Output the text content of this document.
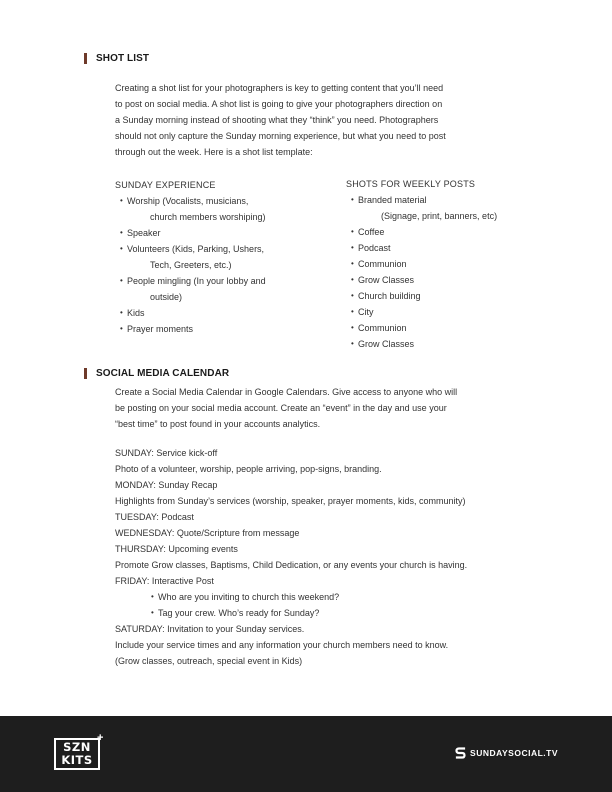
SHOT LIST
Creating a shot list for your photographers is key to getting content that you’ll need
to post on social media. A shot list is going to give your photographers direction on
a Sunday morning instead of shooting what they “think” you need. Photographers
should not only capture the Sunday morning experience, but what you need to post
through out the week. Here is a shot list template:
SUNDAY EXPERIENCE
• Worship (Vocalists, musicians,
church members worshiping)
• Speaker
• Volunteers (Kids, Parking, Ushers,
Tech, Greeters, etc.)
• People mingling (In your lobby and
outside)
• Kids
• Prayer moments
SHOTS FOR WEEKLY POSTS
• Branded material
(Signage, print, banners, etc)
• Coffee
• Podcast
• Communion
• Grow Classes
• Church building
• City
• Communion
• Grow Classes
SOCIAL MEDIA CALENDAR
Create a Social Media Calendar in Google Calendars. Give access to anyone who will
be posting on your social media account. Create an “event” in the day and use your
“best time” to post found in your accounts analytics.
SUNDAY: Service kick-off
Photo of a volunteer, worship, people arriving, pop-signs, branding.
MONDAY: Sunday Recap
Highlights from Sunday’s services (worship, speaker, prayer moments, kids, community)
TUESDAY: Podcast
WEDNESDAY: Quote/Scripture from message
THURSDAY: Upcoming events
Promote Grow classes, Baptisms, Child Dedication, or any events your church is having.
FRIDAY: Interactive Post
• Who are you inviting to church this weekend?
• Tag your crew. Who’s ready for Sunday?
SATURDAY: Invitation to your Sunday services.
Include your service times and any information your church members need to know.
(Grow classes, outreach, special event in Kids)
SZN
KITS
+
SUNDAYSOCIAL.TV
